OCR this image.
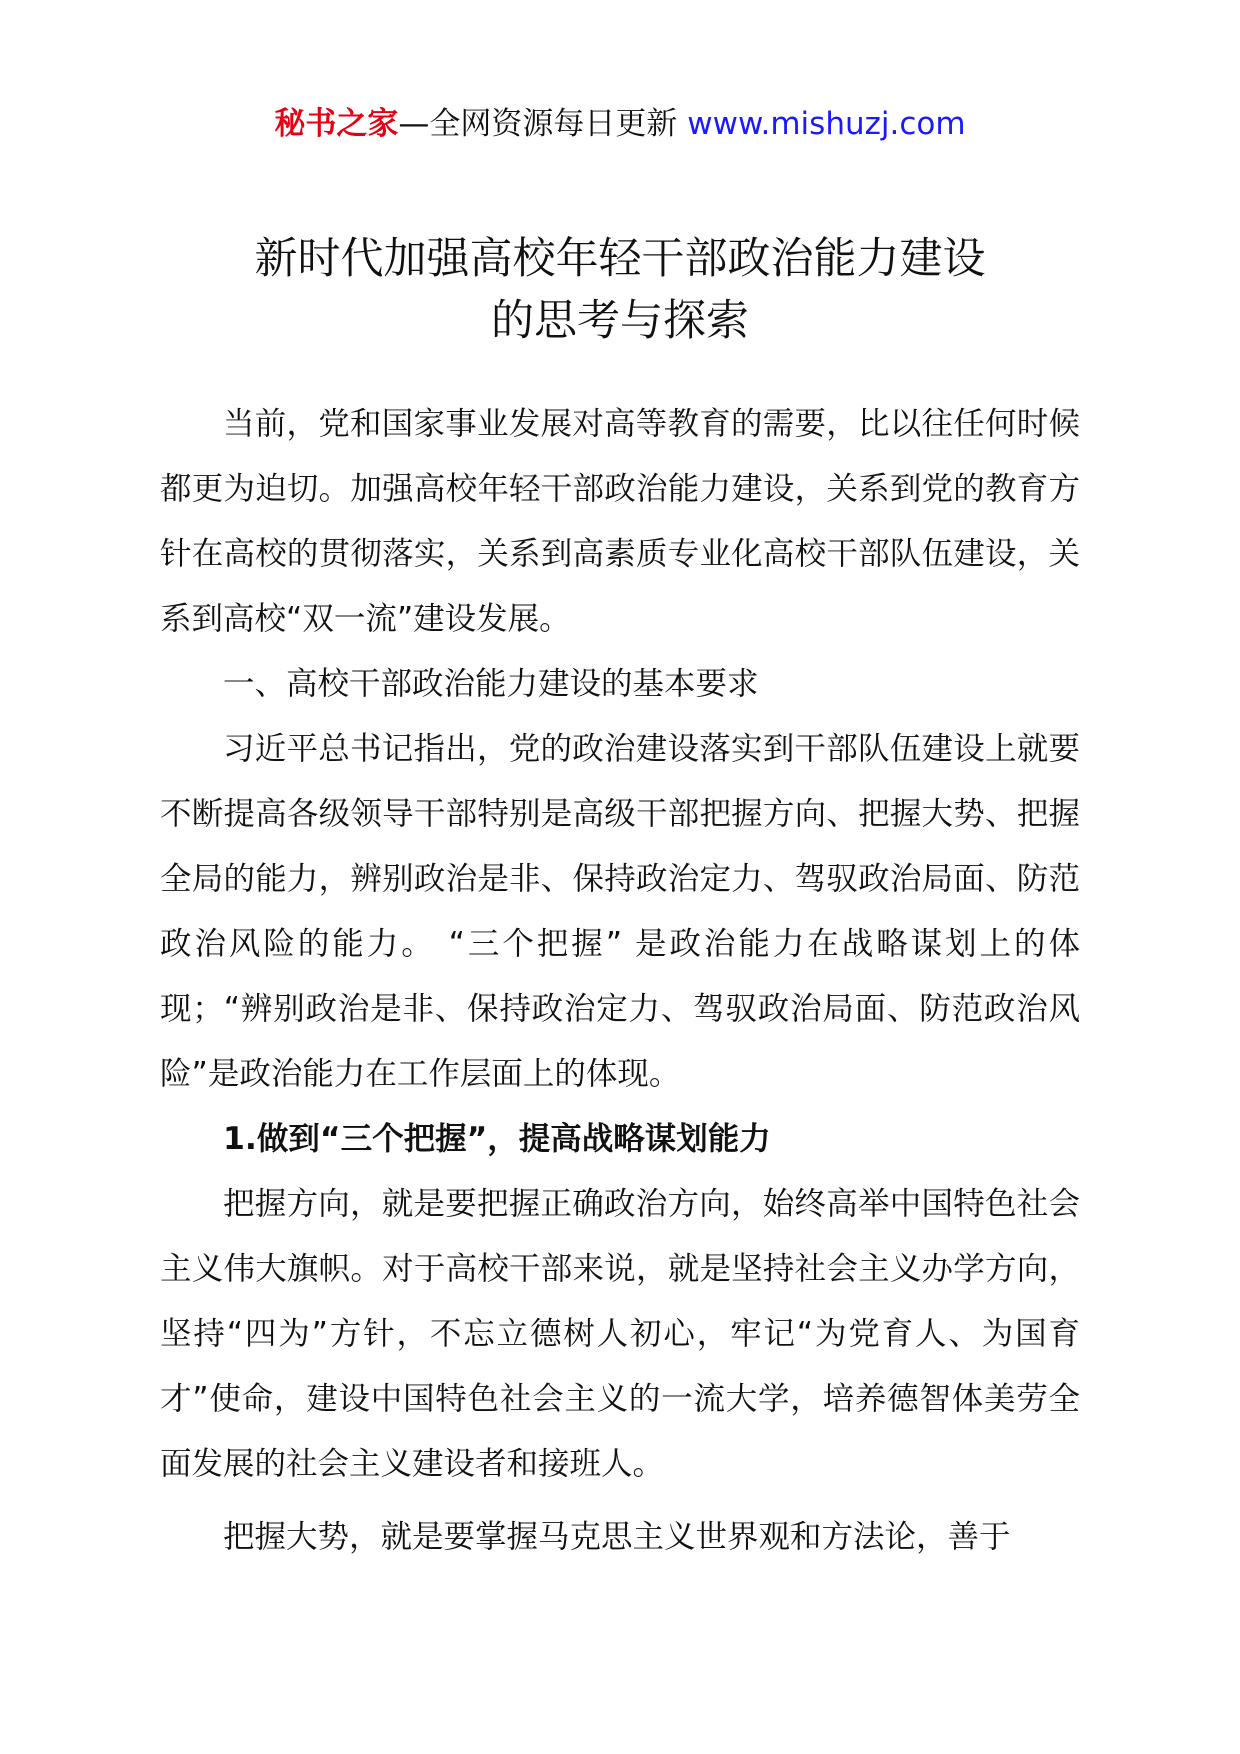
秘书之家—全网资源每日更新 www.mishuzj.com
新时代加强高校年轻干部政治能力建设
的思考与探索

当前，党和国家事业发展对高等教育的需要，比以往任何时候都更为迫切。加强高校年轻干部政治能力建设，关系到党的教育方针在高校的贯彻落实，关系到高素质专业化高校干部队伍建设，关系到高校“双一流”建设发展。

一、高校干部政治能力建设的基本要求

习近平总书记指出，党的政治建设落实到干部队伍建设上就要不断提高各级领导干部特别是高级干部把握方向、把握大势、把握全局的能力，辨别政治是非、保持政治定力、驾驭政治局面、防范政治风险的能力。 “三个把握” 是政治能力在战略谋划上的体现；“辨别政治是非、保持政治定力、驾驭政治局面、防范政治风险”是政治能力在工作层面上的体现。

1.做到“三个把握”，提高战略谋划能力

把握方向，就是要把握正确政治方向，始终高举中国特色社会主义伟大旗帜。对于高校干部来说，就是坚持社会主义办学方向，坚持“四为”方针，不忘立德树人初心，牢记“为党育人、为国育才”使命，建设中国特色社会主义的一流大学，培养德智体美劳全面发展的社会主义建设者和接班人。

把握大势，就是要掌握马克思主义世界观和方法论，善于
